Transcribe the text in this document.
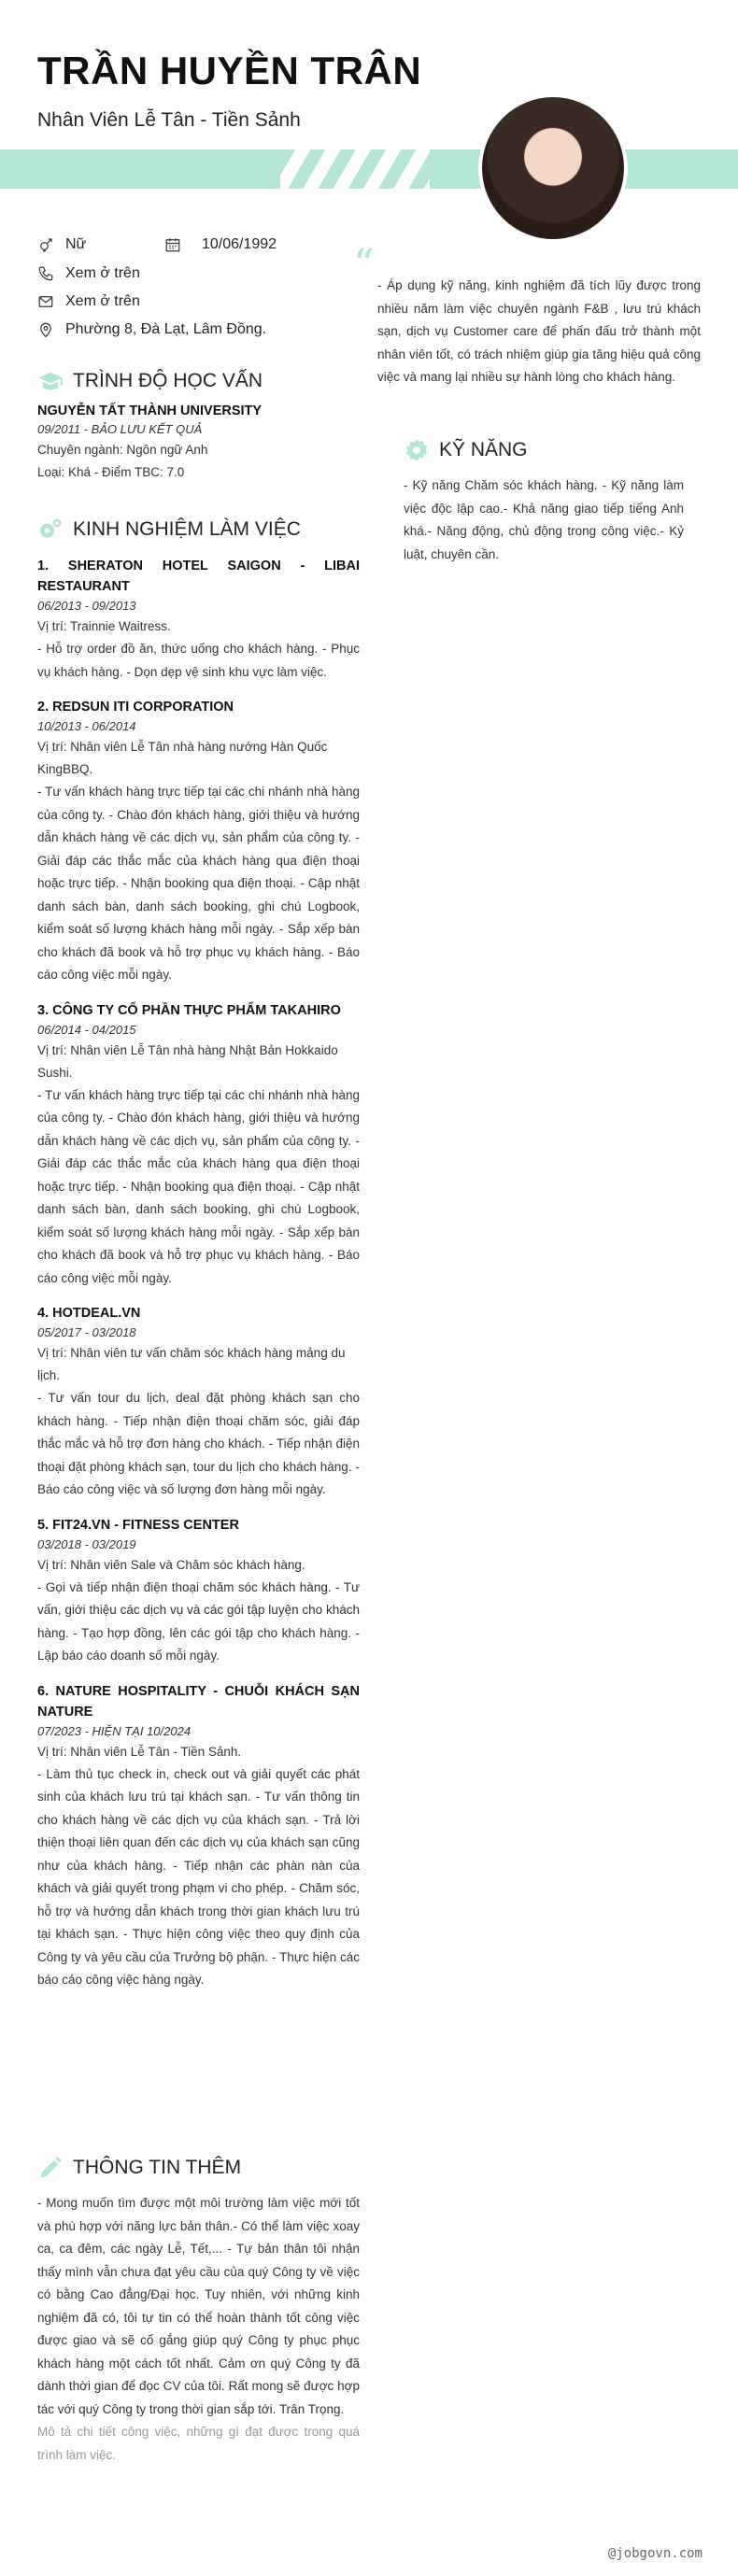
TRẦN HUYỀN TRÂN
Nhân Viên Lễ Tân - Tiền Sảnh
Nữ	10/06/1992
Xem ở trên
Xem ở trên
Phường 8, Đà Lạt, Lâm Đồng.
“ - Áp dụng kỹ năng, kinh nghiệm đã tích lũy được trong nhiều năm làm việc chuyên ngành F&B , lưu trú khách sạn, dịch vụ Customer care để phấn đấu trở thành một nhân viên tốt, có trách nhiệm giúp gia tăng hiệu quả công việc và mang lại nhiều sự hành lòng cho khách hàng.
KỸ NĂNG
- Kỹ năng Chăm sóc khách hàng. - Kỹ năng làm việc độc lập cao.- Khả năng giao tiếp tiếng Anh khá.- Năng động, chủ động trong công việc.- Kỷ luật, chuyên cần.
TRÌNH ĐỘ HỌC VẤN
NGUYỄN TẤT THÀNH UNIVERSITY
09/2011 - BẢO LƯU KẾT QUẢ
Chuyên ngành: Ngôn ngữ Anh
Loại: Khá - Điểm TBC: 7.0
KINH NGHIỆM LÀM VIỆC
1. SHERATON HOTEL SAIGON - LIBAI RESTAURANT
06/2013 - 09/2013
Vị trí: Trainnie Waitress.
- Hỗ trợ order đồ ăn, thức uống cho khách hàng. - Phục vụ khách hàng. - Dọn dẹp vệ sinh khu vực làm việc.
2. REDSUN ITI CORPORATION
10/2013 - 06/2014
Vị trí: Nhân viên Lễ Tân nhà hàng nướng Hàn Quốc KingBBQ.
- Tư vấn khách hàng trực tiếp tại các chi nhánh nhà hàng của công ty. - Chào đón khách hàng, giới thiệu và hướng dẫn khách hàng về các dịch vụ, sản phẩm của công ty. - Giải đáp các thắc mắc của khách hàng qua điện thoại hoặc trực tiếp. - Nhận booking qua điện thoại. - Cập nhật danh sách bàn, danh sách booking, ghi chú Logbook, kiểm soát số lượng khách hàng mỗi ngày. - Sắp xếp bàn cho khách đã book và hỗ trợ phục vụ khách hàng. - Báo cáo công việc mỗi ngày.
3. CÔNG TY CỔ PHẦN THỰC PHẨM TAKAHIRO
06/2014 - 04/2015
Vị trí: Nhân viên Lễ Tân nhà hàng Nhật Bản Hokkaido Sushi.
- Tư vấn khách hàng trực tiếp tại các chi nhánh nhà hàng của công ty. - Chào đón khách hàng, giới thiệu và hướng dẫn khách hàng về các dịch vụ, sản phẩm của công ty. - Giải đáp các thắc mắc của khách hàng qua điện thoại hoặc trực tiếp. - Nhận booking qua điện thoại. - Cập nhật danh sách bàn, danh sách booking, ghi chú Logbook, kiểm soát số lượng khách hàng mỗi ngày. - Sắp xếp bàn cho khách đã book và hỗ trợ phục vụ khách hàng. - Báo cáo công việc mỗi ngày.
4. HOTDEAL.VN
05/2017 - 03/2018
Vị trí: Nhân viên tư vấn chăm sóc khách hàng mảng du lịch.
- Tư vấn tour du lịch, deal đặt phòng khách sạn cho khách hàng. - Tiếp nhận điện thoại chăm sóc, giải đáp thắc mắc và hỗ trợ đơn hàng cho khách. - Tiếp nhận điện thoại đặt phòng khách sạn, tour du lịch cho khách hàng. - Báo cáo công việc và số lượng đơn hàng mỗi ngày.
5. FIT24.VN - FITNESS CENTER
03/2018 - 03/2019
Vị trí: Nhân viên Sale và Chăm sóc khách hàng.
- Gọi và tiếp nhận điện thoại chăm sóc khách hàng. - Tư vấn, giới thiệu các dịch vụ và các gói tập luyện cho khách hàng. - Tạo hợp đồng, lên các gói tập cho khách hàng. - Lập báo cáo doanh số mỗi ngày.
6. NATURE HOSPITALITY - CHUỖI KHÁCH SẠN NATURE
07/2023 - HIỆN TẠI 10/2024
Vị trí: Nhân viên Lễ Tân - Tiền Sảnh.
- Làm thủ tục check in, check out và giải quyết các phát sinh của khách lưu trú tại khách sạn. - Tư vấn thông tin cho khách hàng về các dịch vụ của khách sạn. - Trả lời thiện thoại liên quan đến các dịch vụ của khách sạn cũng như của khách hàng. - Tiếp nhận các phàn nàn của khách và giải quyết trong phạm vi cho phép. - Chăm sóc, hỗ trợ và hướng dẫn khách trong thời gian khách lưu trú tại khách sạn. - Thực hiện công việc theo quy định của Công ty và yêu cầu của Trưởng bộ phận. - Thực hiện các báo cáo công việc hàng ngày.
THÔNG TIN THÊM
- Mong muốn tìm được một môi trường làm việc mới tốt và phù hợp với năng lực bản thân.- Có thể làm việc xoay ca, ca đêm, các ngày Lễ, Tết,... - Tự bản thân tôi nhận thấy mình vẫn chưa đạt yêu cầu của quý Công ty về việc có bằng Cao đẳng/Đại học. Tuy nhiên, với những kinh nghiệm đã có, tôi tự tin có thể hoàn thành tốt công việc được giao và sẽ cố gắng giúp quý Công ty phục phục khách hàng một cách tốt nhất. Cảm ơn quý Công ty đã dành thời gian để đọc CV của tôi. Rất mong sẽ được hợp tác với quý Công ty trong thời gian sắp tới. Trân Trọng.
Mô tả chi tiết công việc, những gì đạt được trong quá trình làm việc.
@jobgovn.com
